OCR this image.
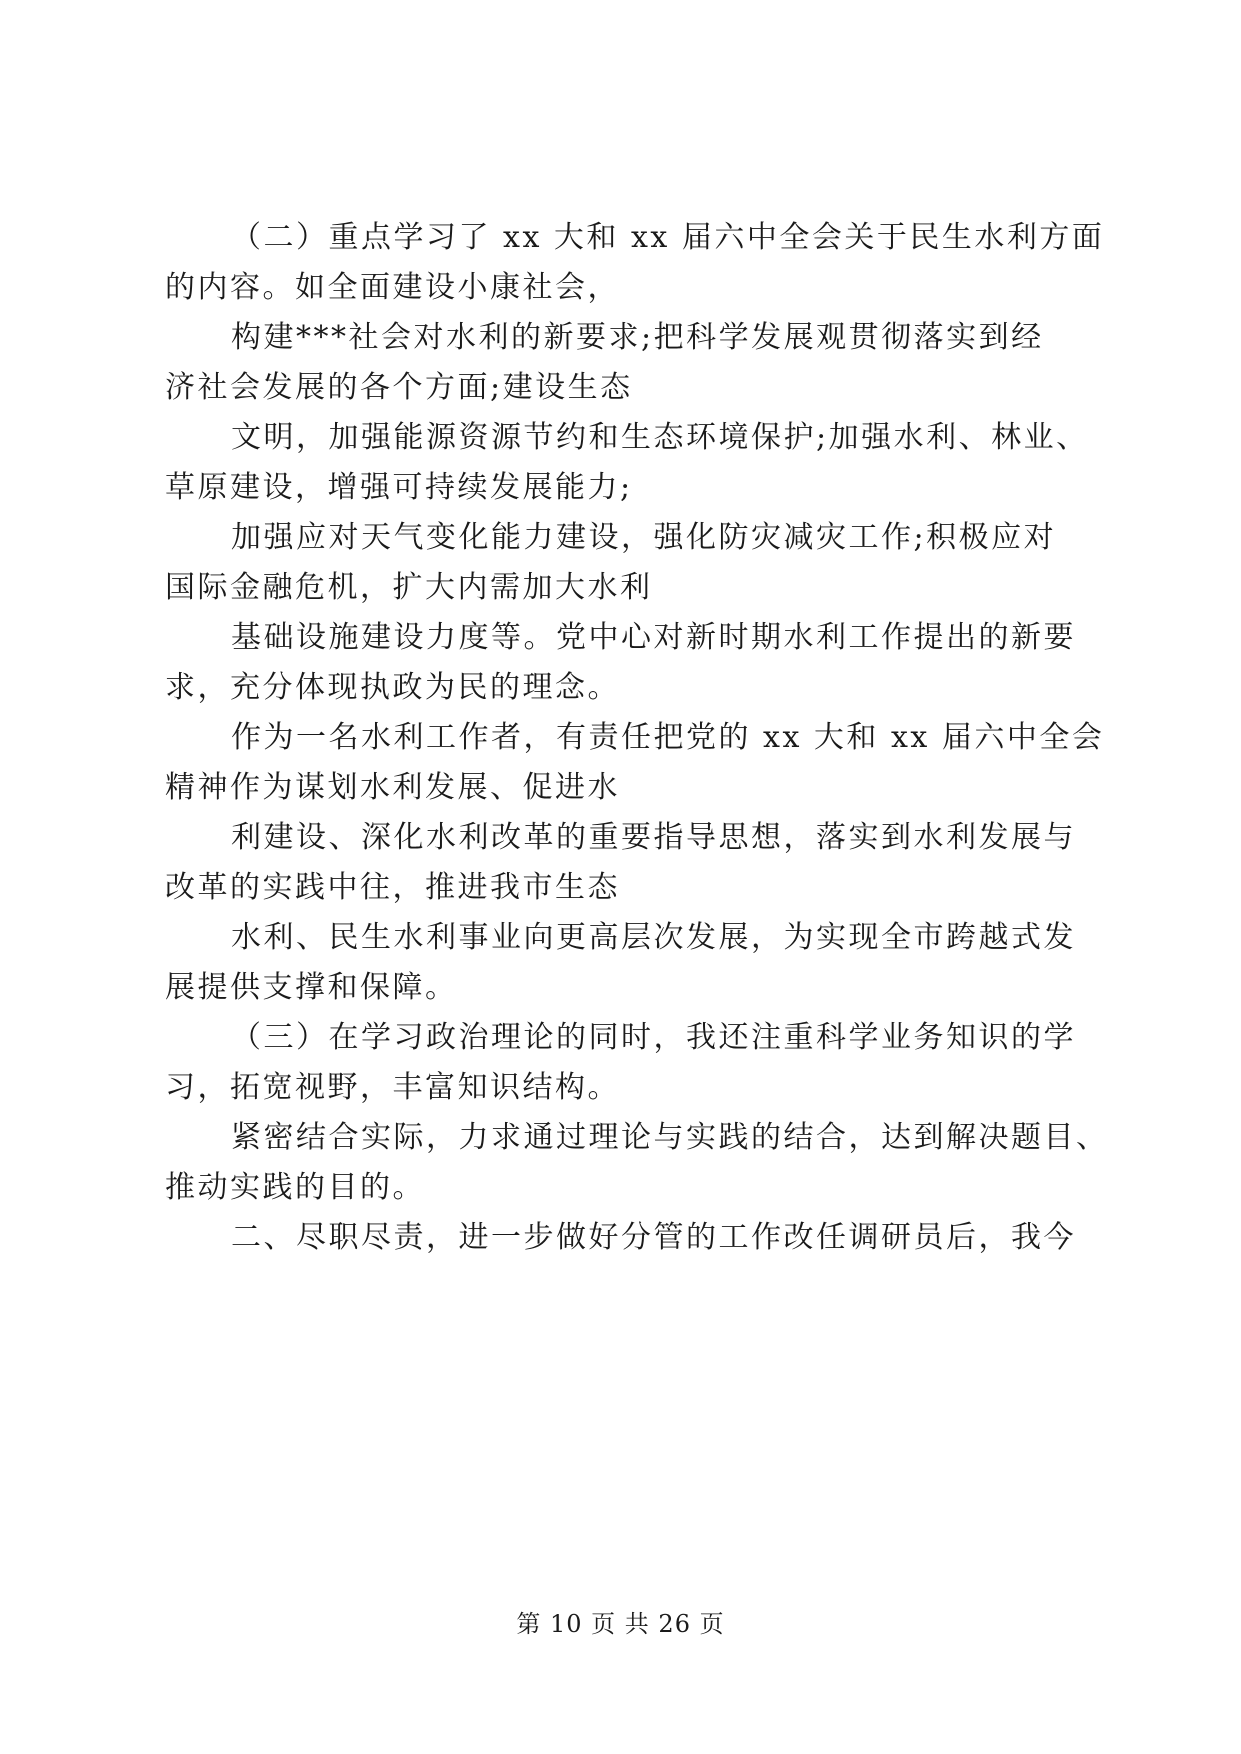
（二）重点学习了 xx 大和 xx 届六中全会关于民生水利方面
的内容。如全面建设小康社会，
构建***社会对水利的新要求;把科学发展观贯彻落实到经
济社会发展的各个方面;建设生态
文明，加强能源资源节约和生态环境保护;加强水利、林业、
草原建设，增强可持续发展能力;
加强应对天气变化能力建设，强化防灾减灾工作;积极应对
国际金融危机，扩大内需加大水利
基础设施建设力度等。党中心对新时期水利工作提出的新要
求，充分体现执政为民的理念。
作为一名水利工作者，有责任把党的 xx 大和 xx 届六中全会
精神作为谋划水利发展、促进水
利建设、深化水利改革的重要指导思想，落实到水利发展与
改革的实践中往，推进我市生态
水利、民生水利事业向更高层次发展，为实现全市跨越式发
展提供支撑和保障。
（三）在学习政治理论的同时，我还注重科学业务知识的学
习，拓宽视野，丰富知识结构。
紧密结合实际，力求通过理论与实践的结合，达到解决题目、
推动实践的目的。
二、尽职尽责，进一步做好分管的工作改任调研员后，我今
第 10 页 共 26 页
